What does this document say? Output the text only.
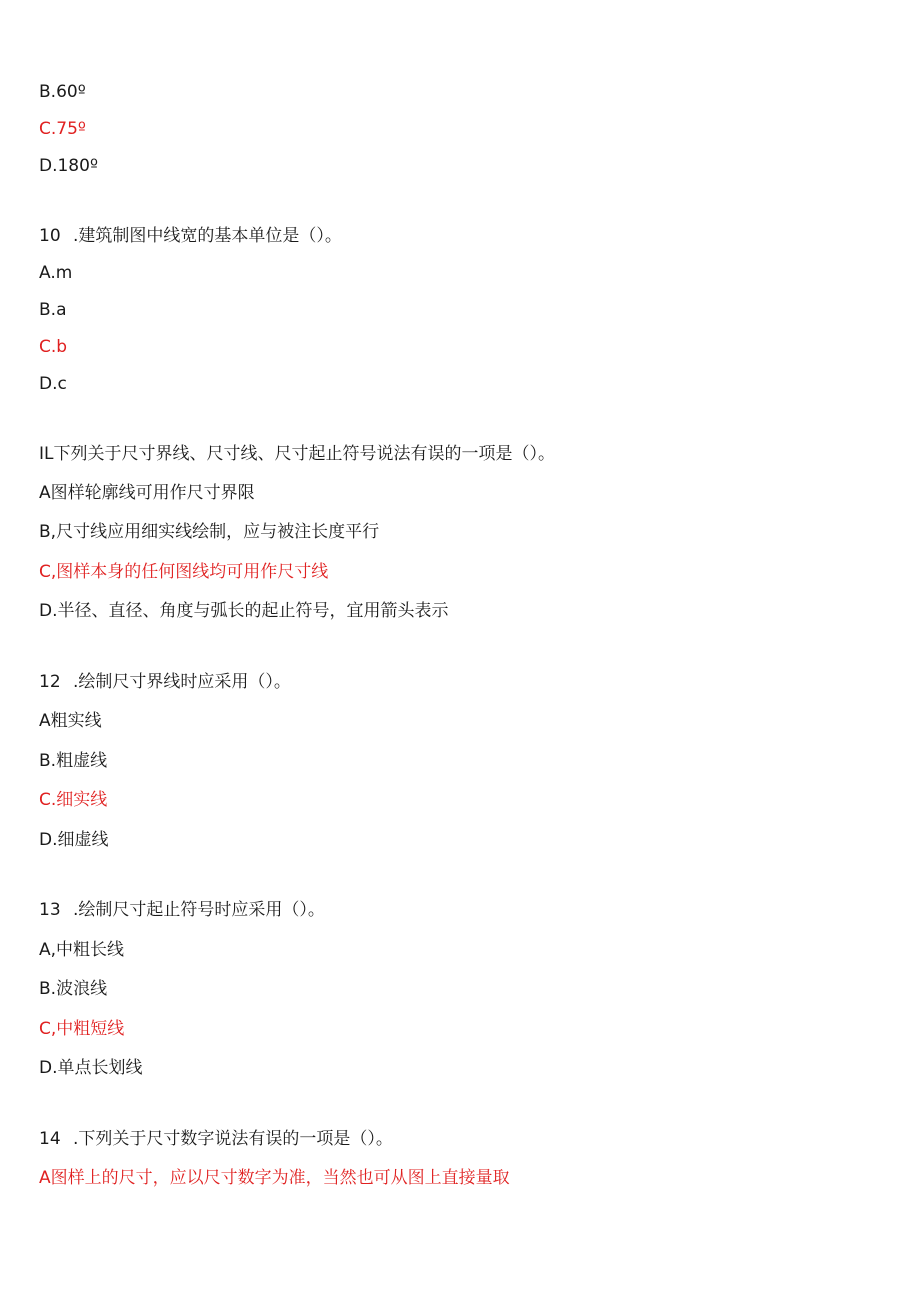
B.60º
C.75º
D.180º
10 .建筑制图中线宽的基本单位是（）。
A.m
B.a
C.b
D.c
IL下列关于尺寸界线、尺寸线、尺寸起止符号说法有误的一项是（）。
A图样轮廓线可用作尺寸界限
B,尺寸线应用细实线绘制，应与被注长度平行
C,图样本身的任何图线均可用作尺寸线
D.半径、直径、角度与弧长的起止符号，宜用箭头表示
12 .绘制尺寸界线时应采用（）。
A粗实线
B.粗虚线
C.细实线
D.细虚线
13 .绘制尺寸起止符号时应采用（）。
A,中粗长线
B.波浪线
C,中粗短线
D.单点长划线
14 .下列关于尺寸数字说法有误的一项是（）。
A图样上的尺寸，应以尺寸数字为准，当然也可从图上直接量取
